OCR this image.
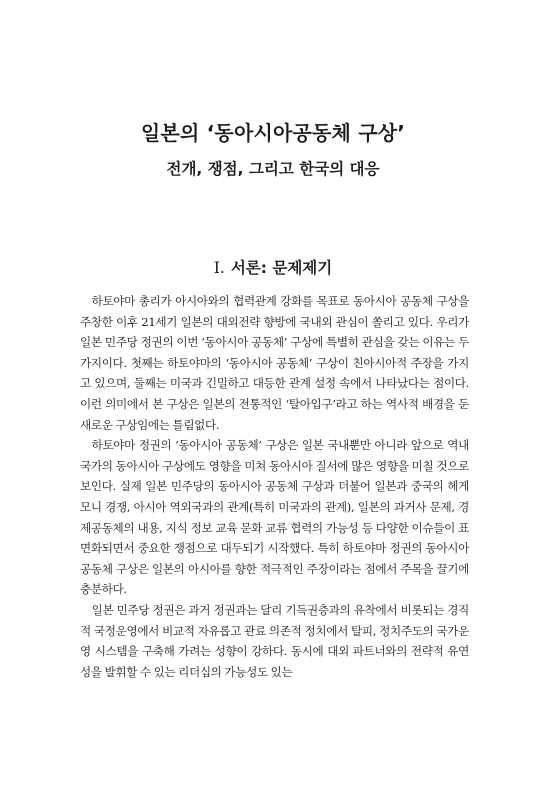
일본의 ‘동아시아공동체 구상’
전개, 쟁점, 그리고 한국의 대응
Ⅰ. 서론: 문제제기

하토야마 총리가 아시아와의 협력관계 강화를 목표로 동아시아 공동체 구상을 주창한 이후 21세기 일본의 대외전략 향방에 국내외 관심이 쏠리고 있다. 우리가 일본 민주당 정권의 이번 ‘동아시아 공동체’ 구상에 특별히 관심을 갖는 이유는 두 가지이다. 첫째는 하토야마의 ‘동아시아 공동체’ 구상이 친아시아적 주장을 가지고 있으며, 둘째는 미국과 긴밀하고 대등한 관계 설정 속에서 나타났다는 점이다. 이런 의미에서 본 구상은 일본의 전통적인 ‘탈아입구’라고 하는 역사적 배경을 둔 새로운 구상임에는 틀림없다.

하토야마 정권의 ‘동아시아 공동체’ 구상은 일본 국내뿐만 아니라 앞으로 역내국가의 동아시아 구상에도 영향을 미쳐 동아시아 질서에 많은 영향을 미칠 것으로 보인다. 실제 일본 민주당의 동아시아 공동체 구상과 더불어 일본과 중국의 헤게모니 경쟁, 아시아 역외국과의 관계(특히 미국과의 관계), 일본의 과거사 문제, 경제공동체의 내용, 지식 정보 교육 문화 교류 협력의 가능성 등 다양한 이슈들이 표면화되면서 중요한 쟁점으로 대두되기 시작했다. 특히 하토야마 정권의 동아시아 공동체 구상은 일본의 아시아를 향한 적극적인 주장이라는 점에서 주목을 끌기에 충분하다.

일본 민주당 정권은 과거 정권과는 달리 기득권층과의 유착에서 비롯되는 경직적 국정운영에서 비교적 자유롭고 관료 의존적 정치에서 탈피, 정치주도의 국가운영 시스템을 구축해 가려는 성향이 강하다. 동시에 대외 파트너와의 전략적 유연성을 발휘할 수 있는 리더십의 가능성도 있는
